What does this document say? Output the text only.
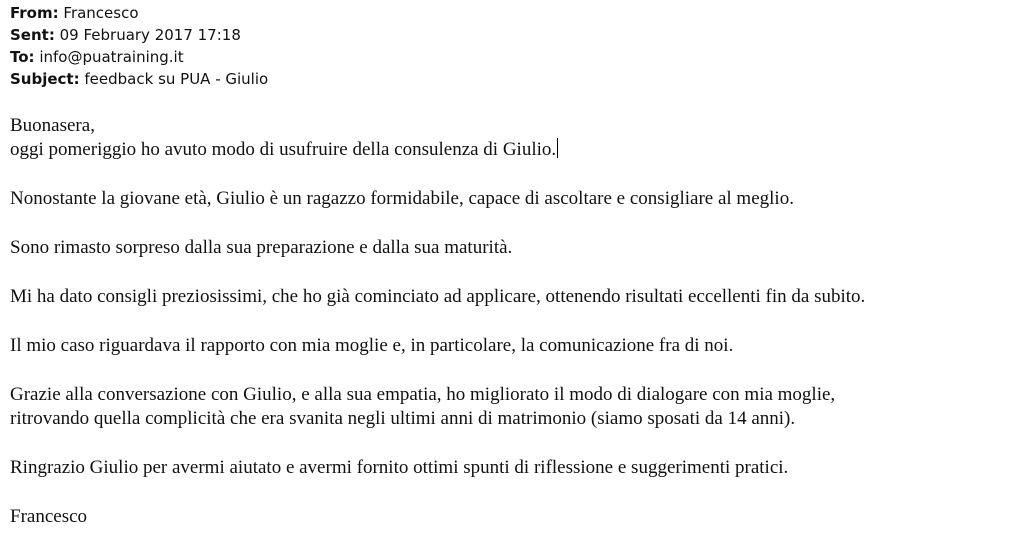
From: Francesco
Sent: 09 February 2017 17:18
To: info@puatraining.it
Subject: feedback su PUA - Giulio
Buonasera,
oggi pomeriggio ho avuto modo di usufruire della consulenza di Giulio.
Nonostante la giovane età, Giulio è un ragazzo formidabile, capace di ascoltare e consigliare al meglio.
Sono rimasto sorpreso dalla sua preparazione e dalla sua maturità.
Mi ha dato consigli preziosissimi, che ho già cominciato ad applicare, ottenendo risultati eccellenti fin da subito.
Il mio caso riguardava il rapporto con mia moglie e, in particolare, la comunicazione fra di noi.
Grazie alla conversazione con Giulio, e alla sua empatia, ho migliorato il modo di dialogare con mia moglie,
ritrovando quella complicità che era svanita negli ultimi anni di matrimonio (siamo sposati da 14 anni).
Ringrazio Giulio per avermi aiutato e avermi fornito ottimi spunti di riflessione e suggerimenti pratici.
Francesco
